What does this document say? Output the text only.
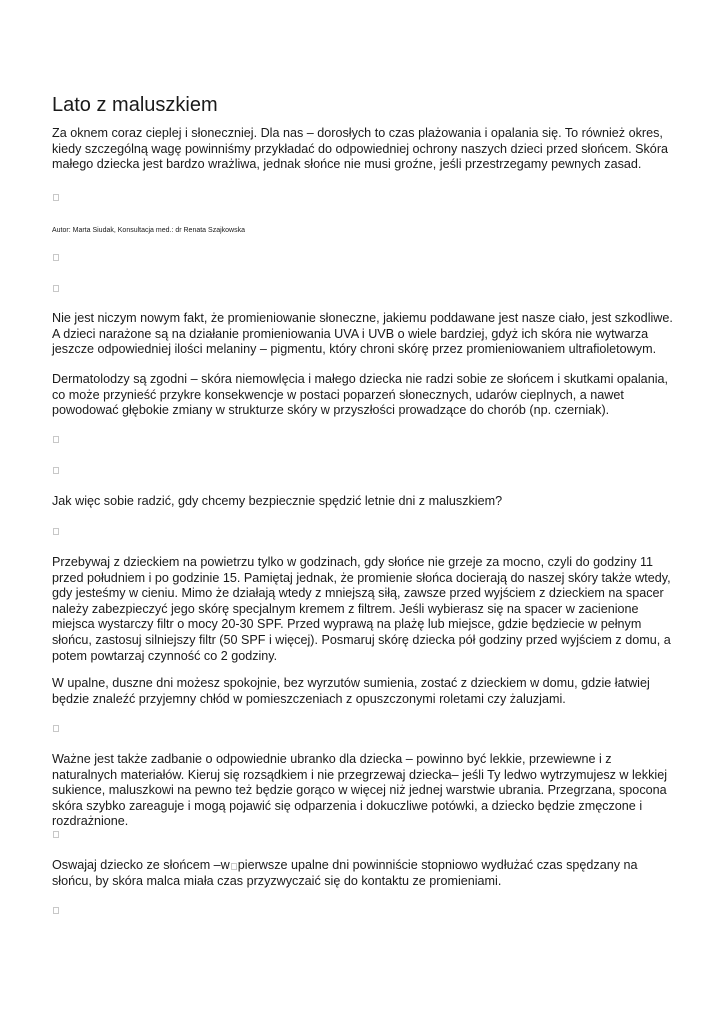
Lato z maluszkiem

Za oknem coraz cieplej i słoneczniej. Dla nas – dorosłych to czas plażowania i opalania się. To również okres, kiedy szczególną wagę powinniśmy przykładać do odpowiedniej ochrony naszych dzieci przed słońcem. Skóra małego dziecka jest bardzo wrażliwa, jednak słońce nie musi groźne, jeśli przestrzegamy pewnych zasad.

Autor: Marta Siudak, Konsultacja med.: dr Renata Szajkowska

Nie jest niczym nowym fakt, że promieniowanie słoneczne, jakiemu poddawane jest nasze ciało, jest szkodliwe. A dzieci narażone są na działanie promieniowania UVA i UVB o wiele bardziej, gdyż ich skóra nie wytwarza jeszcze odpowiedniej ilości melaniny – pigmentu, który chroni skórę przez promieniowaniem ultrafioletowym.

Dermatolodzy są zgodni – skóra niemowlęcia i małego dziecka nie radzi sobie ze słońcem i skutkami opalania, co może przynieść przykre konsekwencje w postaci poparzeń słonecznych, udarów cieplnych, a nawet powodować głębokie zmiany w strukturze skóry w przyszłości prowadzące do chorób (np. czerniak).

Jak więc sobie radzić, gdy chcemy bezpiecznie spędzić letnie dni z maluszkiem?

Przebywaj z dzieckiem na powietrzu tylko w godzinach, gdy słońce nie grzeje za mocno, czyli do godziny 11 przed południem i po godzinie 15. Pamiętaj jednak, że promienie słońca docierają do naszej skóry także wtedy, gdy jesteśmy w cieniu. Mimo że działają wtedy z mniejszą siłą, zawsze przed wyjściem z dzieckiem na spacer należy zabezpieczyć jego skórę specjalnym kremem z filtrem. Jeśli wybierasz się na spacer w zacienione miejsca wystarczy filtr o mocy 20-30 SPF. Przed wyprawą na plażę lub miejsce, gdzie będziecie w pełnym słońcu, zastosuj silniejszy filtr (50 SPF i więcej). Posmaruj skórę dziecka pół godziny przed wyjściem z domu, a potem powtarzaj czynność co 2 godziny.

W upalne, duszne dni możesz spokojnie, bez wyrzutów sumienia, zostać z dzieckiem w domu, gdzie łatwiej będzie znaleźć przyjemny chłód w pomieszczeniach z opuszczonymi roletami czy żaluzjami.

Ważne jest także zadbanie o odpowiednie ubranko dla dziecka – powinno być lekkie, przewiewne i z naturalnych materiałów. Kieruj się rozsądkiem i nie przegrzewaj dziecka– jeśli Ty ledwo wytrzymujesz w lekkiej sukience, maluszkowi na pewno też będzie gorąco w więcej niż jednej warstwie ubrania. Przegrzana, spocona skóra szybko zareaguje i mogą pojawić się odparzenia i dokuczliwe potówki, a dziecko będzie zmęczone i rozdrażnione.

Oswajaj dziecko ze słońcem –w pierwsze upalne dni powinniście stopniowo wydłużać czas spędzany na słońcu, by skóra malca miała czas przyzwyczaić się do kontaktu ze promieniami.
